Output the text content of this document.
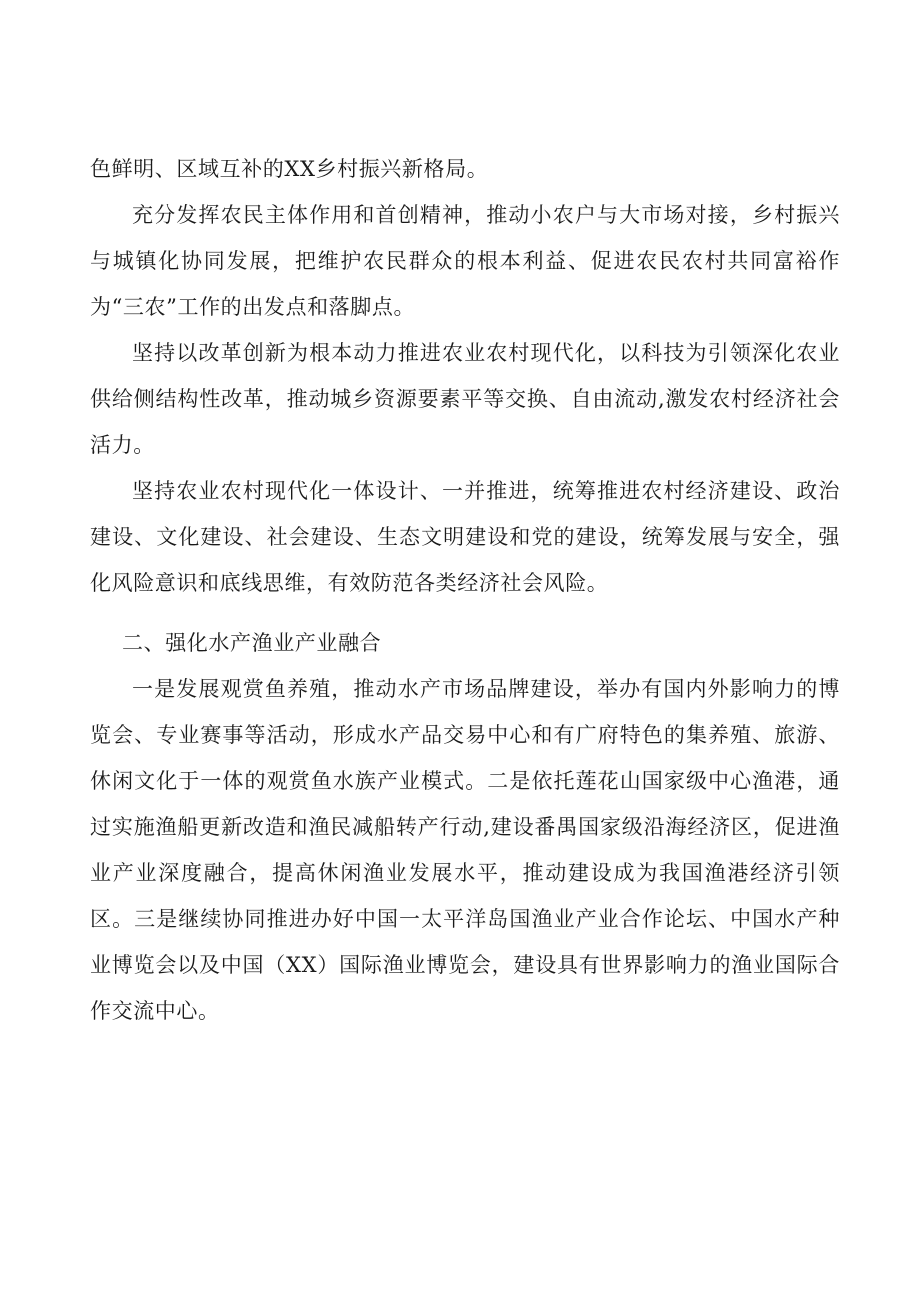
色鲜明、区域互补的XX乡村振兴新格局。

充分发挥农民主体作用和首创精神，推动小农户与大市场对接，乡村振兴与城镇化协同发展，把维护农民群众的根本利益、促进农民农村共同富裕作为“三农”工作的出发点和落脚点。

坚持以改革创新为根本动力推进农业农村现代化，以科技为引领深化农业供给侧结构性改革，推动城乡资源要素平等交换、自由流动,激发农村经济社会活力。

坚持农业农村现代化一体设计、一并推进，统筹推进农村经济建设、政治建设、文化建设、社会建设、生态文明建设和党的建设，统筹发展与安全，强化风险意识和底线思维，有效防范各类经济社会风险。

二、强化水产渔业产业融合

一是发展观赏鱼养殖，推动水产市场品牌建设，举办有国内外影响力的博览会、专业赛事等活动，形成水产品交易中心和有广府特色的集养殖、旅游、休闲文化于一体的观赏鱼水族产业模式。二是依托莲花山国家级中心渔港，通过实施渔船更新改造和渔民减船转产行动,建设番禺国家级沿海经济区，促进渔业产业深度融合，提高休闲渔业发展水平，推动建设成为我国渔港经济引领区。三是继续协同推进办好中国一太平洋岛国渔业产业合作论坛、中国水产种业博览会以及中国（XX）国际渔业博览会，建设具有世界影响力的渔业国际合作交流中心。
